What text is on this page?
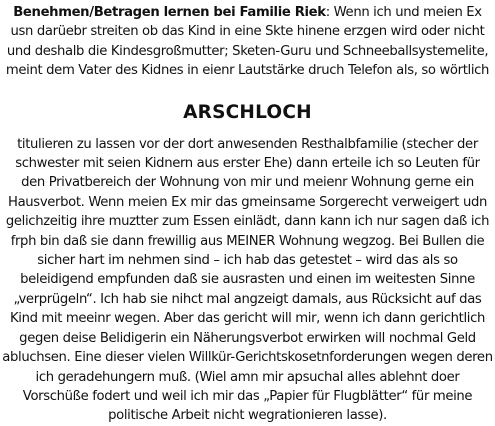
Benehmen/Betragen lernen bei Familie Riek: Wenn ich und meien Ex usn darüebr streiten ob das Kind in eine Skte hinene erzgen wird oder nicht und deshalb die Kindesgroßmutter; Sketen-Guru und Schneeballsystemelite, meint dem Vater des Kidnes in eienr Lautstärke druch Telefon als, so wörtlich

ARSCHLOCH

titulieren zu lassen vor der dort anwesenden Resthalbfamilie (stecher der schwester mit seien Kidnern aus erster Ehe) dann erteile ich so Leuten für den Privatbereich der Wohnung von mir und meienr Wohnung gerne ein Hausverbot. Wenn meien Ex mir das gmeinsame Sorgerecht verweigert udn gelichzeitig ihre muztter zum Essen einlädt, dann kann ich nur sagen daß ich frph bin daß sie dann frewillig aus MEINER Wohnung wegzog. Bei Bullen die sicher hart im nehmen sind – ich hab das getestet – wird das als so beleidigend empfunden daß sie ausrasten und einen im weitesten Sinne „verprügeln“. Ich hab sie nihct mal angzeigt damals, aus Rücksicht auf das Kind mit meeinr wegen. Aber das gericht will mir, wenn ich dann gerichtlich gegen deise Belidigerin ein Näherungsverbot erwirken will nochmal Geld abluchsen. Eine dieser vielen Willkür-Gerichtskosetnforderungen wegen deren ich geradehungern muß. (Wiel amn mir apsuchal alles ablehnt doer Vorschüße fodert und weil ich mir das „Papier für Flugblätter“ für meine politische Arbeit nicht wegrationieren lasse).
